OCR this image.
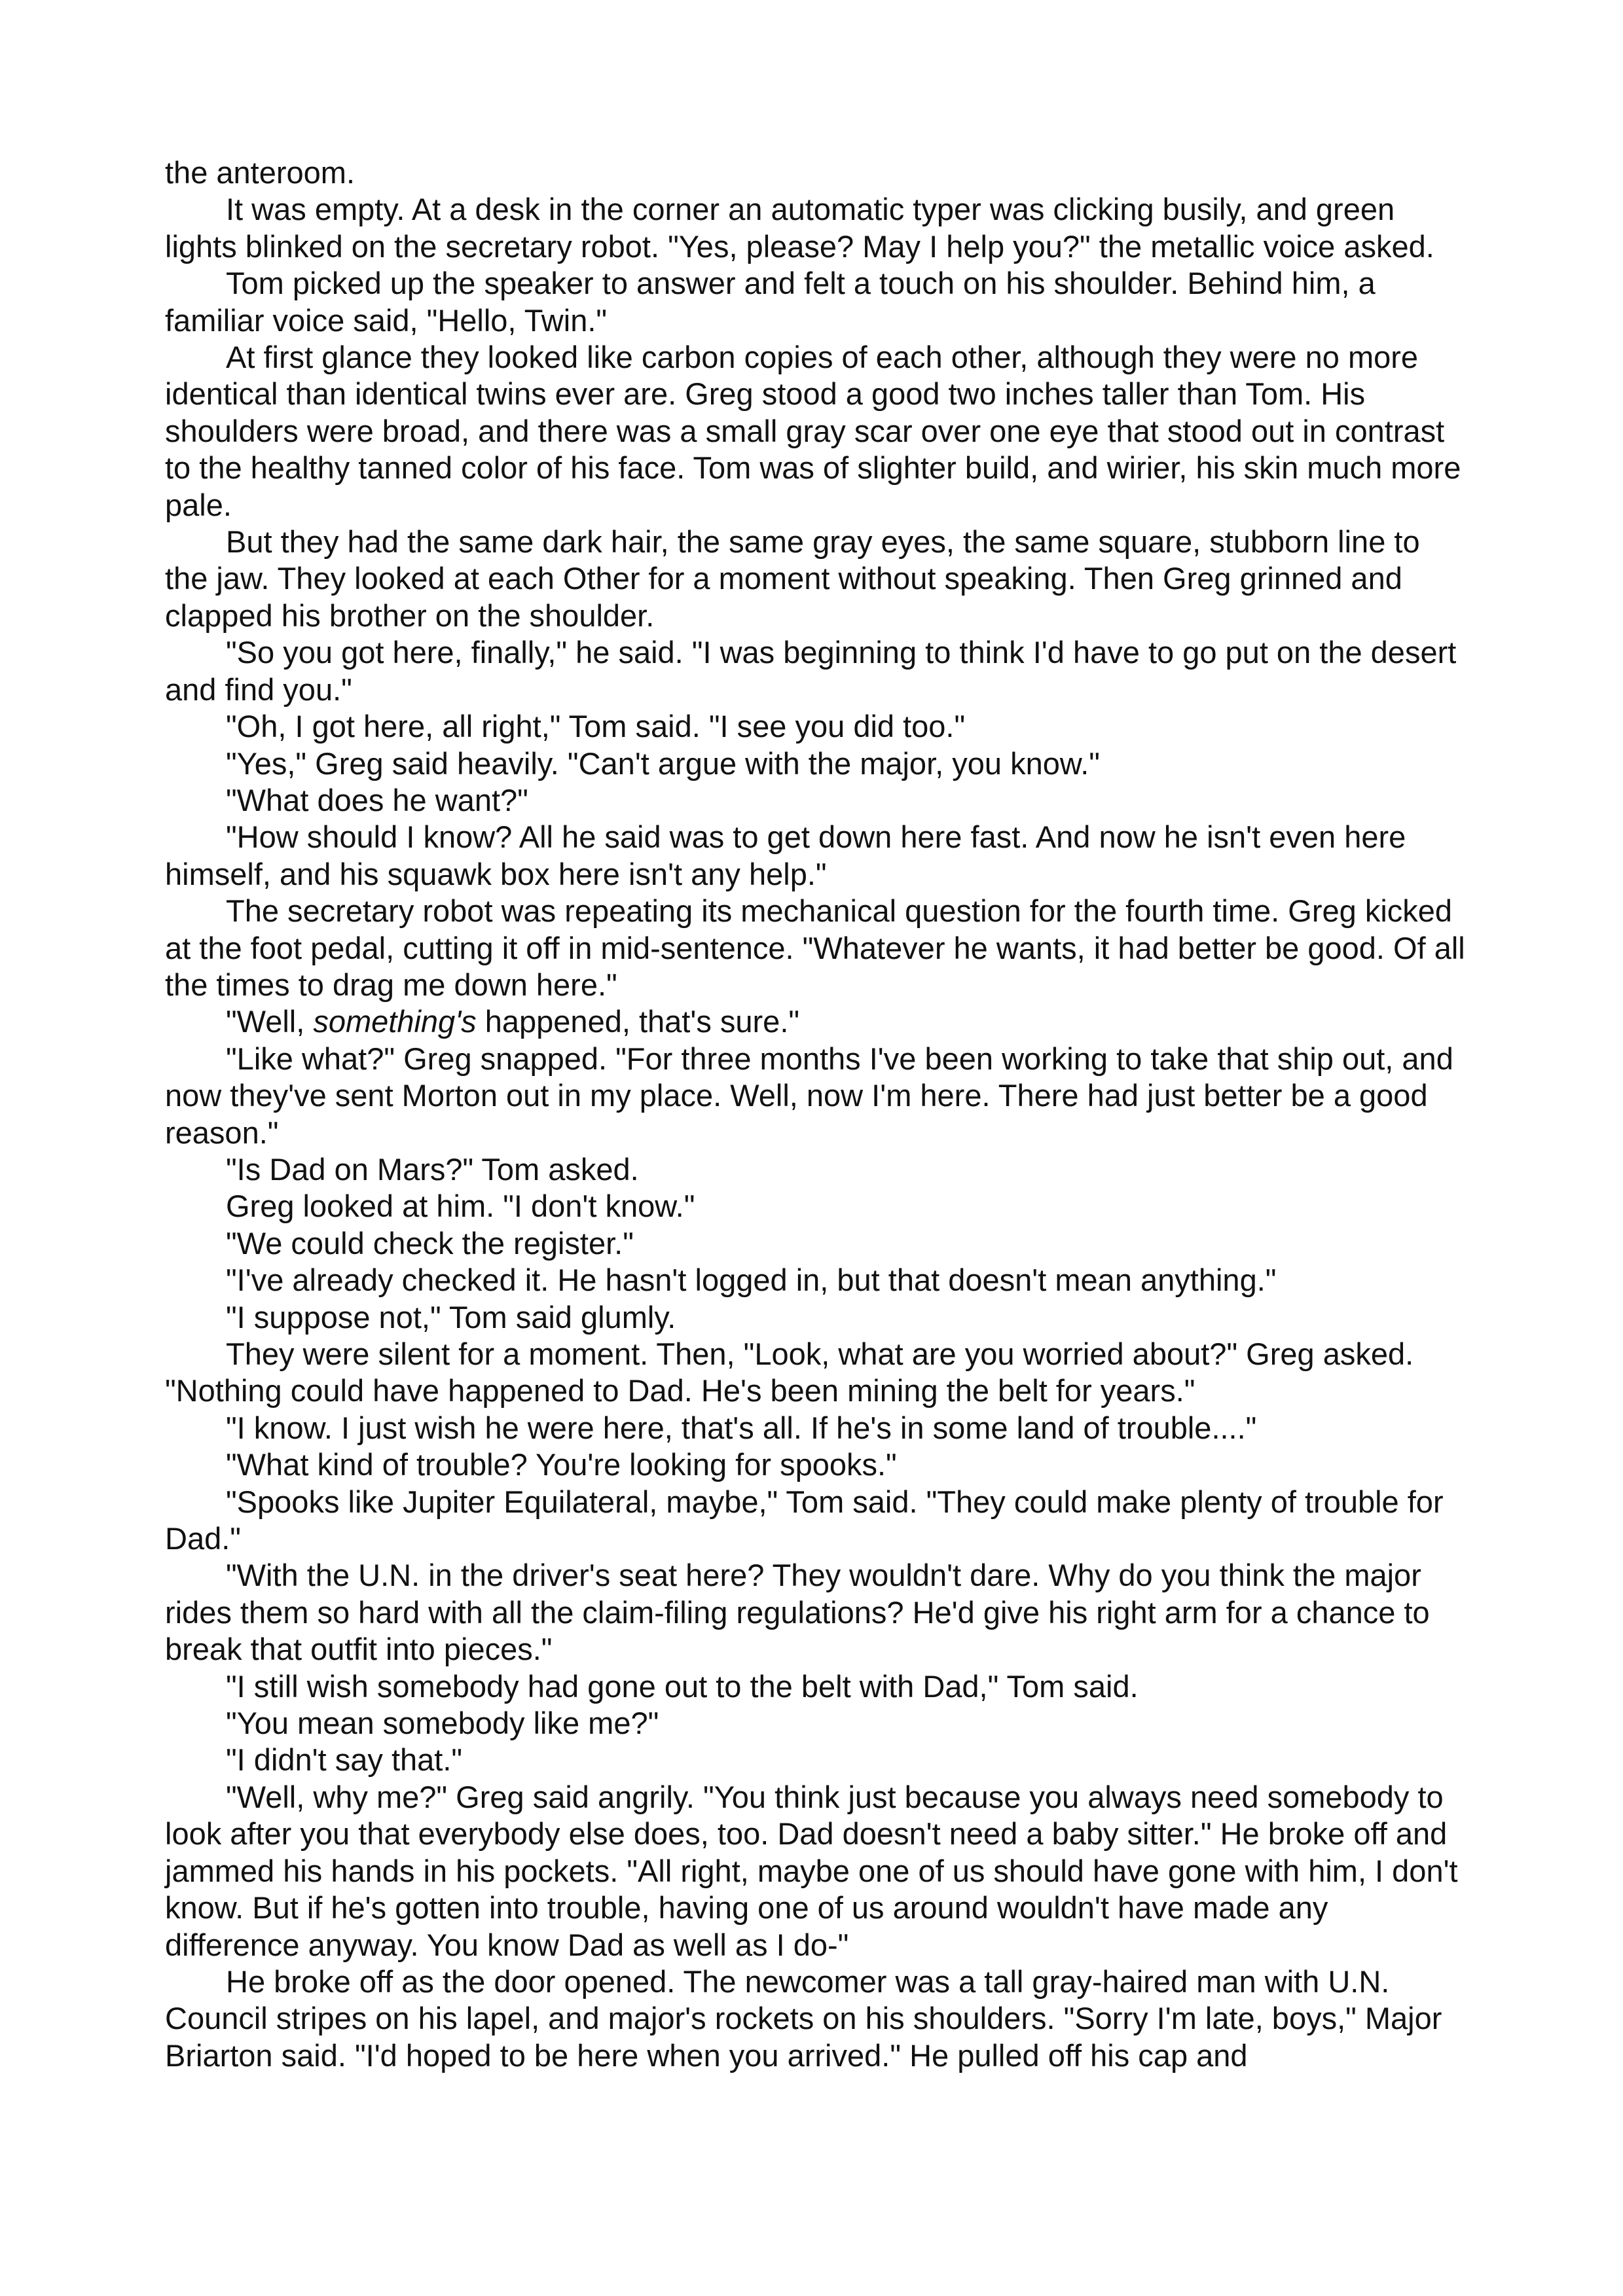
the anteroom.

It was empty. At a desk in the corner an automatic typer was clicking busily, and green lights blinked on the secretary robot. "Yes, please? May I help you?" the metallic voice asked.

Tom picked up the speaker to answer and felt a touch on his shoulder. Behind him, a familiar voice said, "Hello, Twin."

At first glance they looked like carbon copies of each other, although they were no more identical than identical twins ever are. Greg stood a good two inches taller than Tom. His shoulders were broad, and there was a small gray scar over one eye that stood out in contrast to the healthy tanned color of his face. Tom was of slighter build, and wirier, his skin much more pale.

But they had the same dark hair, the same gray eyes, the same square, stubborn line to the jaw. They looked at each Other for a moment without speaking. Then Greg grinned and clapped his brother on the shoulder.

"So you got here, finally," he said. "I was beginning to think I'd have to go put on the desert and find you."

"Oh, I got here, all right," Tom said. "I see you did too."

"Yes," Greg said heavily. "Can't argue with the major, you know."

"What does he want?"

"How should I know? All he said was to get down here fast. And now he isn't even here himself, and his squawk box here isn't any help."

The secretary robot was repeating its mechanical question for the fourth time. Greg kicked at the foot pedal, cutting it off in mid-sentence. "Whatever he wants, it had better be good. Of all the times to drag me down here."

"Well, something's happened, that's sure."

"Like what?" Greg snapped. "For three months I've been working to take that ship out, and now they've sent Morton out in my place. Well, now I'm here. There had just better be a good reason."

"Is Dad on Mars?" Tom asked.

Greg looked at him. "I don't know."

"We could check the register."

"I've already checked it. He hasn't logged in, but that doesn't mean anything."

"I suppose not," Tom said glumly.

They were silent for a moment. Then, "Look, what are you worried about?" Greg asked. "Nothing could have happened to Dad. He's been mining the belt for years."

"I know. I just wish he were here, that's all. If he's in some land of trouble...."

"What kind of trouble? You're looking for spooks."

"Spooks like Jupiter Equilateral, maybe," Tom said. "They could make plenty of trouble for Dad."

"With the U.N. in the driver's seat here? They wouldn't dare. Why do you think the major rides them so hard with all the claim-filing regulations? He'd give his right arm for a chance to break that outfit into pieces."

"I still wish somebody had gone out to the belt with Dad," Tom said.

"You mean somebody like me?"

"I didn't say that."

"Well, why me?" Greg said angrily. "You think just because you always need somebody to look after you that everybody else does, too. Dad doesn't need a baby sitter." He broke off and jammed his hands in his pockets. "All right, maybe one of us should have gone with him, I don't know. But if he's gotten into trouble, having one of us around wouldn't have made any difference anyway. You know Dad as well as I do-"

He broke off as the door opened. The newcomer was a tall gray-haired man with U.N. Council stripes on his lapel, and major's rockets on his shoulders. "Sorry I'm late, boys," Major Briarton said. "I'd hoped to be here when you arrived." He pulled off his cap and
